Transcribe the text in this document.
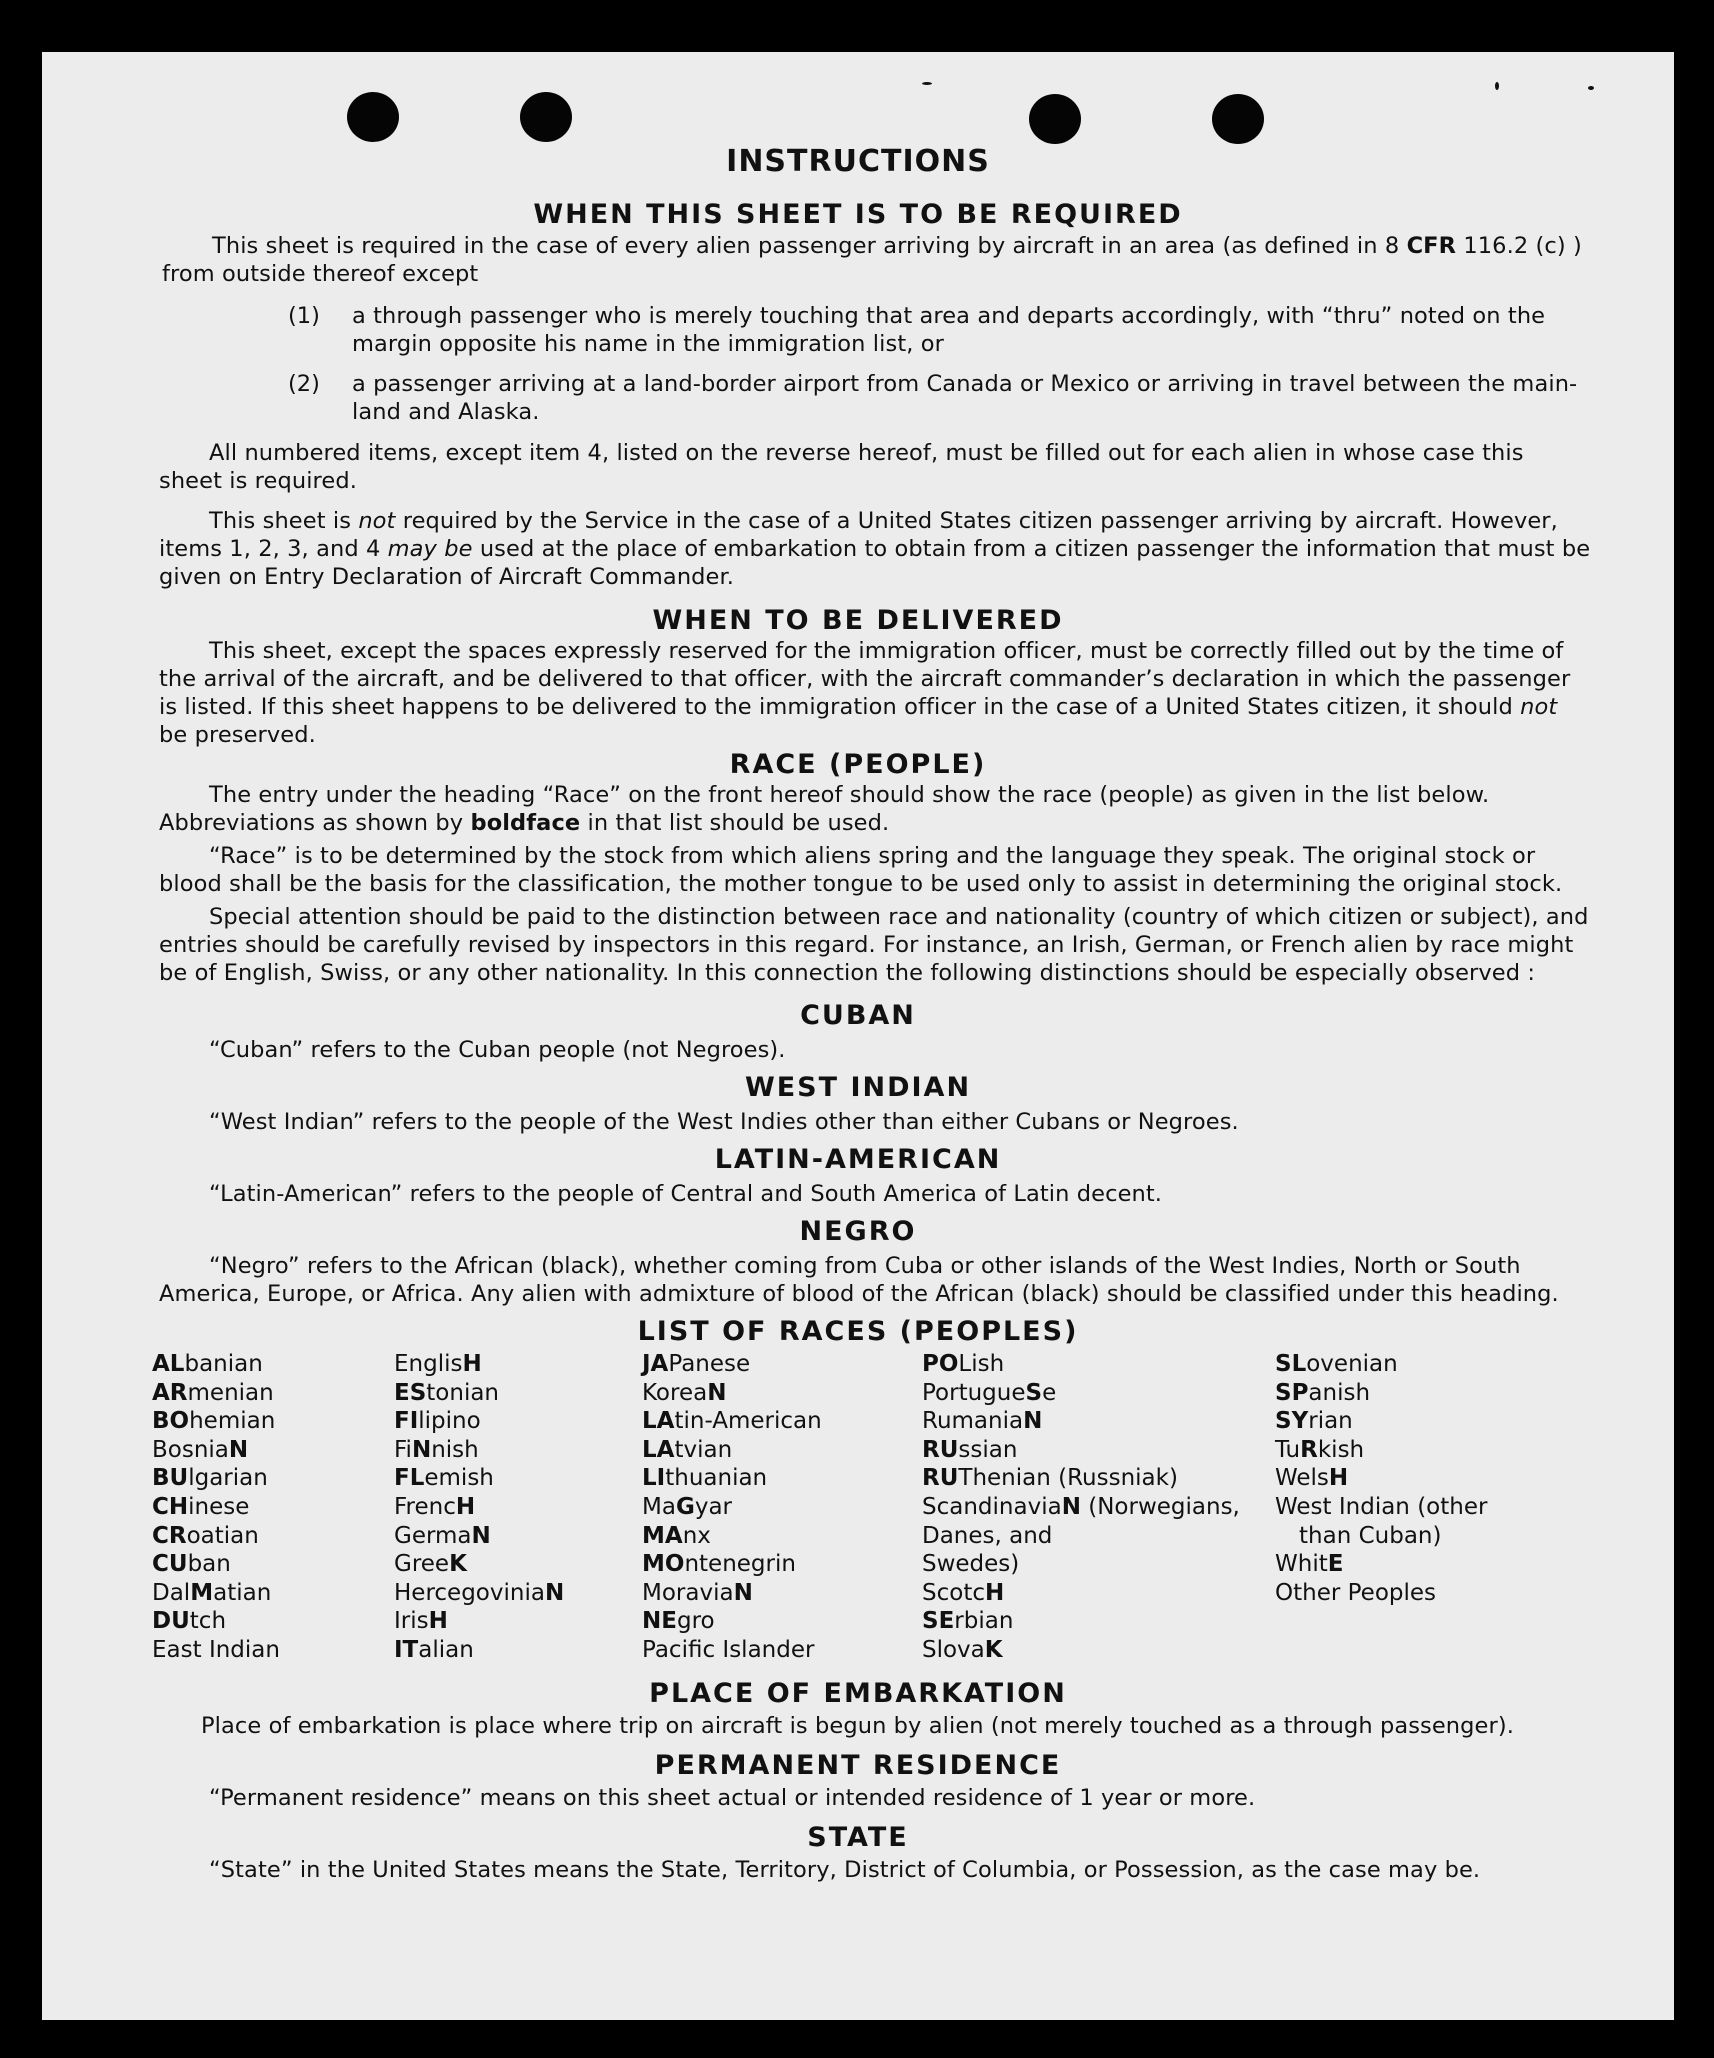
INSTRUCTIONS
WHEN THIS SHEET IS TO BE REQUIRED
This sheet is required in the case of every alien passenger arriving by aircraft in an area (as defined in 8 CFR 116.2 (c) )
from outside thereof except
(1) a through passenger who is merely touching that area and departs accordingly, with “thru” noted on the
margin opposite his name in the immigration list, or
(2) a passenger arriving at a land-border airport from Canada or Mexico or arriving in travel between the main-
land and Alaska.
All numbered items, except item 4, listed on the reverse hereof, must be filled out for each alien in whose case this
sheet is required.
This sheet is not required by the Service in the case of a United States citizen passenger arriving by aircraft. However,
items 1, 2, 3, and 4 may be used at the place of embarkation to obtain from a citizen passenger the information that must be
given on Entry Declaration of Aircraft Commander.
WHEN TO BE DELIVERED
This sheet, except the spaces expressly reserved for the immigration officer, must be correctly filled out by the time of
the arrival of the aircraft, and be delivered to that officer, with the aircraft commander’s declaration in which the passenger
is listed. If this sheet happens to be delivered to the immigration officer in the case of a United States citizen, it should not
be preserved.
RACE (PEOPLE)
The entry under the heading “Race” on the front hereof should show the race (people) as given in the list below.
Abbreviations as shown by boldface in that list should be used.
“Race” is to be determined by the stock from which aliens spring and the language they speak. The original stock or
blood shall be the basis for the classification, the mother tongue to be used only to assist in determining the original stock.
Special attention should be paid to the distinction between race and nationality (country of which citizen or subject), and
entries should be carefully revised by inspectors in this regard. For instance, an Irish, German, or French alien by race might
be of English, Swiss, or any other nationality. In this connection the following distinctions should be especially observed :
CUBAN
“Cuban” refers to the Cuban people (not Negroes).
WEST INDIAN
“West Indian” refers to the people of the West Indies other than either Cubans or Negroes.
LATIN-AMERICAN
“Latin-American” refers to the people of Central and South America of Latin decent.
NEGRO
“Negro” refers to the African (black), whether coming from Cuba or other islands of the West Indies, North or South
America, Europe, or Africa. Any alien with admixture of blood of the African (black) should be classified under this heading.
LIST OF RACES (PEOPLES)
ALbanian
ARmenian
BOhemian
BosniaN
BUlgarian
CHinese
CRoatian
CUban
DalMatian
DUtch
East Indian
EnglisH
EStonian
FIlipino
FiNnish
FLemish
FrencH
GermaN
GreeK
HercegoviniaN
IrisH
ITalian
JAPanese
KoreaN
LAtin-American
LAtvian
LIthuanian
MaGyar
MAnx
MOntenegrin
MoraviaN
NEgro
Pacific Islander
POLish
PortugueSe
RumaniaN
RUssian
RUThenian (Russniak)
ScandinaviaN (Norwegians,
Danes, and
Swedes)
ScotcH
SErbian
SlovaK
SLovenian
SPanish
SYrian
TuRkish
WelsH
West Indian (other
than Cuban)
WhitE
Other Peoples
PLACE OF EMBARKATION
Place of embarkation is place where trip on aircraft is begun by alien (not merely touched as a through passenger).
PERMANENT RESIDENCE
“Permanent residence” means on this sheet actual or intended residence of 1 year or more.
STATE
“State” in the United States means the State, Territory, District of Columbia, or Possession, as the case may be.
